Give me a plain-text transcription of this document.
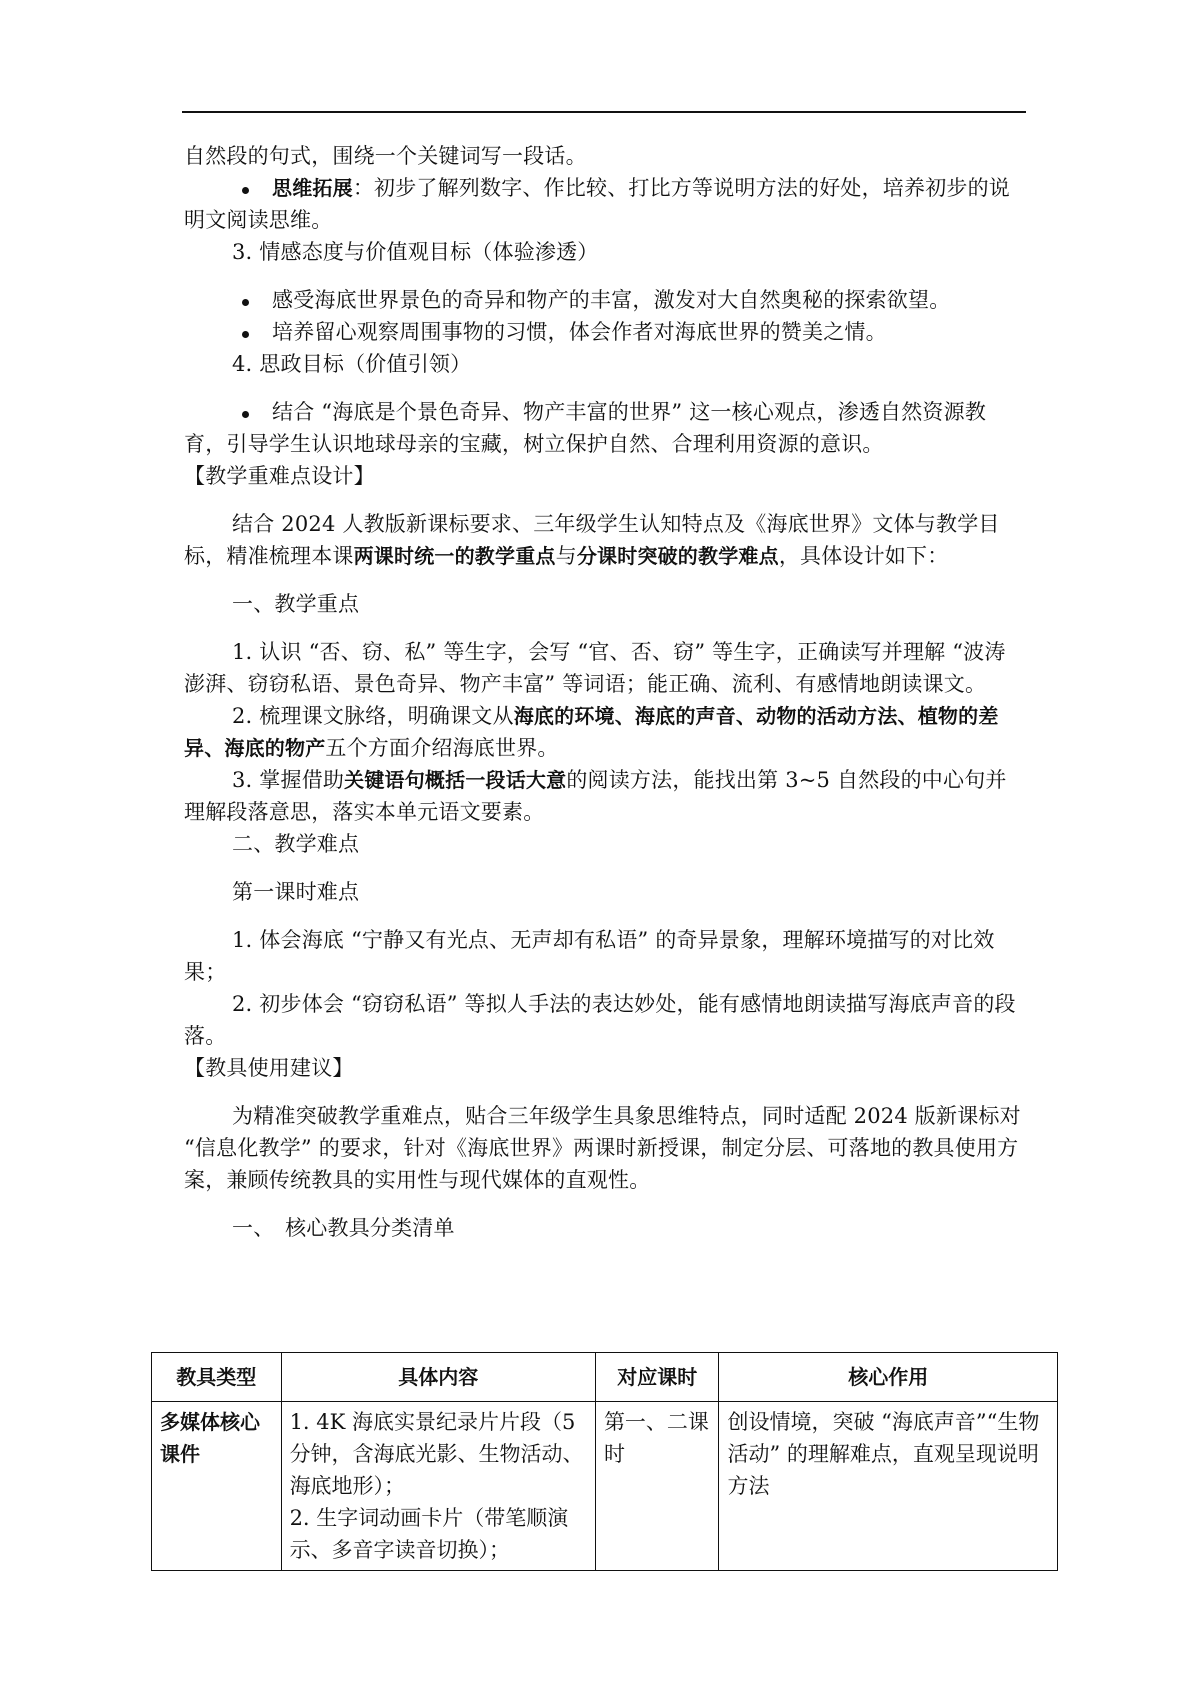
自然段的句式，围绕一个关键词写一段话。

思维拓展：初步了解列数字、作比较、打比方等说明方法的好处，培养初步的说明文阅读思维。

3. 情感态度与价值观目标（体验渗透）

感受海底世界景色的奇异和物产的丰富，激发对大自然奥秘的探索欲望。

培养留心观察周围事物的习惯，体会作者对海底世界的赞美之情。

4. 思政目标（价值引领）

结合 “海底是个景色奇异、物产丰富的世界” 这一核心观点，渗透自然资源教育，引导学生认识地球母亲的宝藏，树立保护自然、合理利用资源的意识。

【教学重难点设计】

结合 2024 人教版新课标要求、三年级学生认知特点及《海底世界》文体与教学目标，精准梳理本课两课时统一的教学重点与分课时突破的教学难点，具体设计如下：

一、教学重点

1. 认识 “否、窃、私” 等生字，会写 “官、否、窃” 等生字，正确读写并理解 “波涛澎湃、窃窃私语、景色奇异、物产丰富” 等词语；能正确、流利、有感情地朗读课文。

2. 梳理课文脉络，明确课文从海底的环境、海底的声音、动物的活动方法、植物的差异、海底的物产五个方面介绍海底世界。

3. 掌握借助关键语句概括一段话大意的阅读方法，能找出第 3~5 自然段的中心句并理解段落意思，落实本单元语文要素。

二、教学难点

第一课时难点

1. 体会海底 “宁静又有光点、无声却有私语” 的奇异景象，理解环境描写的对比效果；

2. 初步体会 “窃窃私语” 等拟人手法的表达妙处，能有感情地朗读描写海底声音的段落。

【教具使用建议】

为精准突破教学重难点，贴合三年级学生具象思维特点，同时适配 2024 版新课标对 “信息化教学” 的要求，针对《海底世界》两课时新授课，制定分层、可落地的教具使用方案，兼顾传统教具的实用性与现代媒体的直观性。

一、　核心教具分类清单

教具类型	具体内容	对应课时	核心作用
多媒体核心课件	1. 4K 海底实景纪录片片段（5 分钟，含海底光影、生物活动、海底地形）；

2. 生字词动画卡片（带笔顺演示、多音字读音切换）；	第一、二课时	创设情境，突破 “海底声音”“生物活动” 的理解难点，直观呈现说明方法
